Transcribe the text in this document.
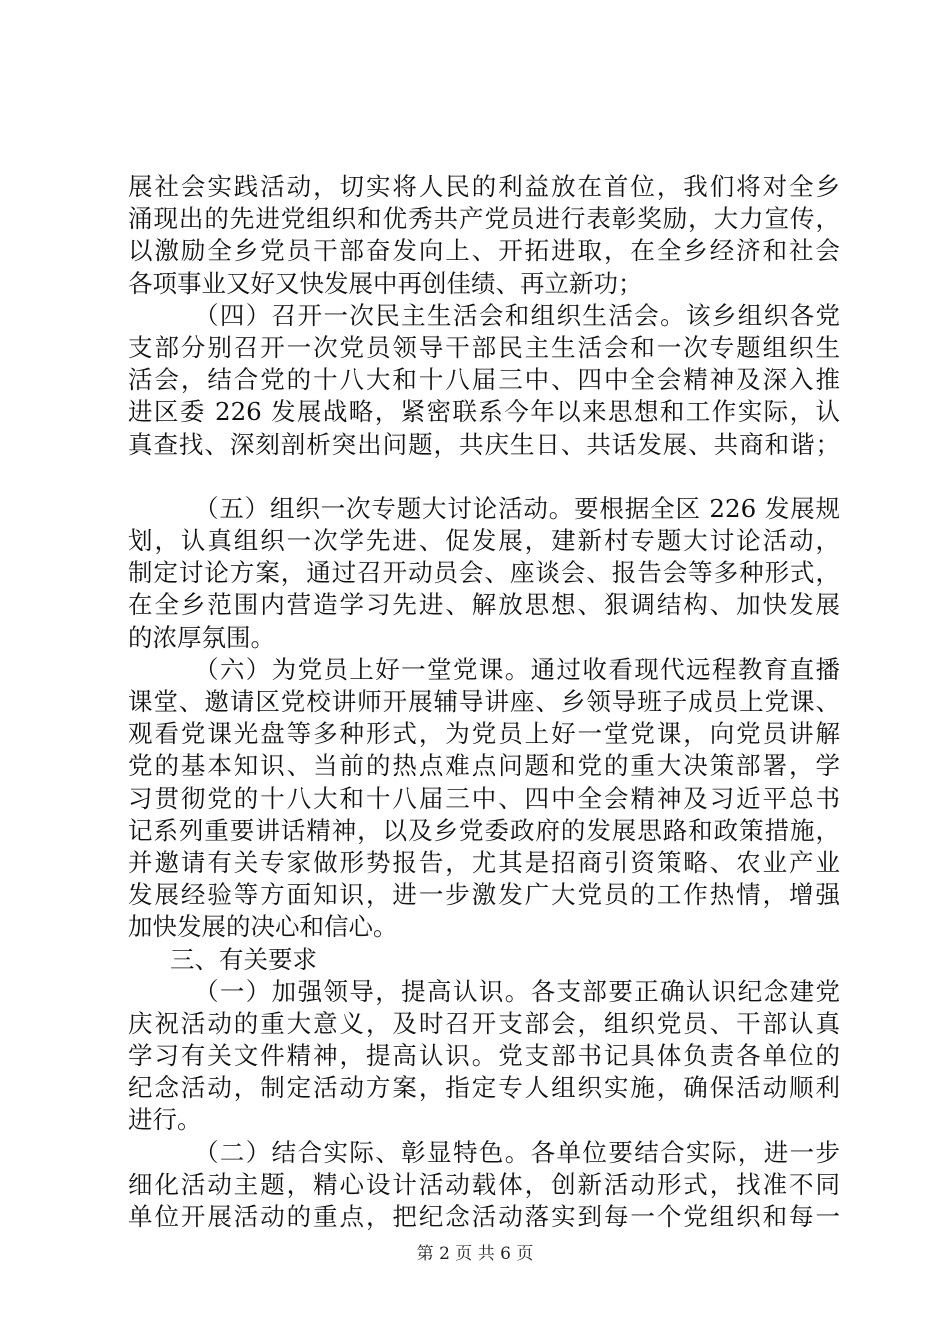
展社会实践活动，切实将人民的利益放在首位，我们将对全乡
涌现出的先进党组织和优秀共产党员进行表彰奖励，大力宣传，
以激励全乡党员干部奋发向上、开拓进取，在全乡经济和社会
各项事业又好又快发展中再创佳绩、再立新功；
（四）召开一次民主生活会和组织生活会。该乡组织各党
支部分别召开一次党员领导干部民主生活会和一次专题组织生
活会，结合党的十八大和十八届三中、四中全会精神及深入推
进区委 226 发展战略，紧密联系今年以来思想和工作实际，认
真查找、深刻剖析突出问题，共庆生日、共话发展、共商和谐；
（五）组织一次专题大讨论活动。要根据全区 226 发展规
划，认真组织一次学先进、促发展，建新村专题大讨论活动，
制定讨论方案，通过召开动员会、座谈会、报告会等多种形式，
在全乡范围内营造学习先进、解放思想、狠调结构、加快发展
的浓厚氛围。
（六）为党员上好一堂党课。通过收看现代远程教育直播
课堂、邀请区党校讲师开展辅导讲座、乡领导班子成员上党课、
观看党课光盘等多种形式，为党员上好一堂党课，向党员讲解
党的基本知识、当前的热点难点问题和党的重大决策部署，学
习贯彻党的十八大和十八届三中、四中全会精神及习近平总书
记系列重要讲话精神，以及乡党委政府的发展思路和政策措施，
并邀请有关专家做形势报告，尤其是招商引资策略、农业产业
发展经验等方面知识，进一步激发广大党员的工作热情，增强
加快发展的决心和信心。
三、有关要求
（一）加强领导，提高认识。各支部要正确认识纪念建党
庆祝活动的重大意义，及时召开支部会，组织党员、干部认真
学习有关文件精神，提高认识。党支部书记具体负责各单位的
纪念活动，制定活动方案，指定专人组织实施，确保活动顺利
进行。
（二）结合实际、彰显特色。各单位要结合实际，进一步
细化活动主题，精心设计活动载体，创新活动形式，找准不同
单位开展活动的重点，把纪念活动落实到每一个党组织和每一
第 2 页 共 6 页
